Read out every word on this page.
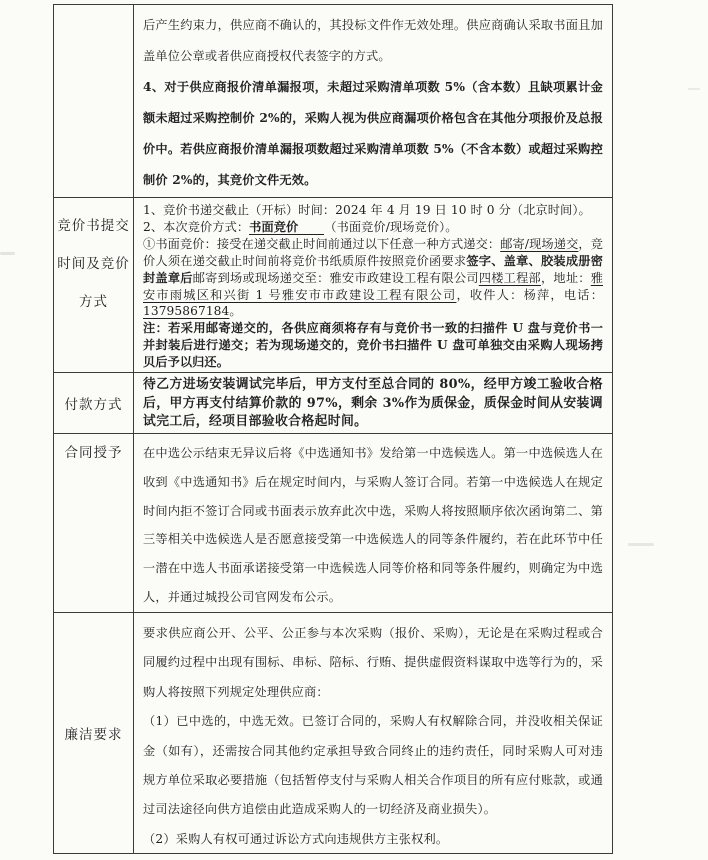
后产生约束力，供应商不确认的，其投标文件作无效处理。供应商确认采取书面且加盖单位公章或者供应商授权代表签字的方式。

4、对于供应商报价清单漏报项，未超过采购清单项数 5%（含本数）且缺项累计金额未超过采购控制价 2%的，采购人视为供应商漏项价格包含在其他分项报价及总报价中。若供应商报价清单漏报项数超过采购清单项数 5%（不含本数）或超过采购控制价 2%的，其竞价文件无效。

竞价书提交
时间及竞价
方式

1、竞价书递交截止（开标）时间：2024 年 4 月 19 日 10 时 0 分（北京时间）。

2、本次竞价方式：书面竞价 （书面竞价/现场竞价）。

①书面竞价：接受在递交截止时间前通过以下任意一种方式递交：邮寄/现场递交，竞价人须在递交截止时间前将竞价书纸质原件按照竞价函要求签字、盖章、胶装成册密封盖章后邮寄到场或现场递交至：雅安市政建设工程有限公司四楼工程部，地址：雅安市雨城区和兴街 1 号雅安市市政建设工程有限公司，收件人：杨萍，电话：13795867184。

注：若采用邮寄递交的，各供应商须将存有与竞价书一致的扫描件 U 盘与竞价书一并封装后进行递交；若为现场递交的，竞价书扫描件 U 盘可单独交由采购人现场拷贝后予以归还。

付款方式

待乙方进场安装调试完毕后，甲方支付至总合同的 80%，经甲方竣工验收合格后，甲方再支付结算价款的 97%，剩余 3%作为质保金，质保金时间从安装调试完工后，经项目部验收合格起时间。

合同授予	在中选公示结束无异议后将《中选通知书》发给第一中选候选人。第一中选候选人在收到《中选通知书》后在规定时间内，与采购人签订合同。若第一中选候选人在规定时间内拒不签订合同或书面表示放弃此次中选，采购人将按照顺序依次函询第二、第三等相关中选候选人是否愿意接受第一中选候选人的同等条件履约，若在此环节中任一潜在中选人书面承诺接受第一中选候选人同等价格和同等条件履约，则确定为中选人，并通过城投公司官网发布公示。

廉洁要求

要求供应商公开、公平、公正参与本次采购（报价、采购），无论是在采购过程或合同履约过程中出现有围标、串标、陪标、行贿、提供虚假资料谋取中选等行为的，采购人将按照下列规定处理供应商：

（1）已中选的，中选无效。已签订合同的，采购人有权解除合同，并没收相关保证金（如有），还需按合同其他约定承担导致合同终止的违约责任，同时采购人可对违规方单位采取必要措施（包括暂停支付与采购人相关合作项目的所有应付账款，或通过司法途径向供方追偿由此造成采购人的一切经济及商业损失）。

（2）采购人有权可通过诉讼方式向违规供方主张权利。
